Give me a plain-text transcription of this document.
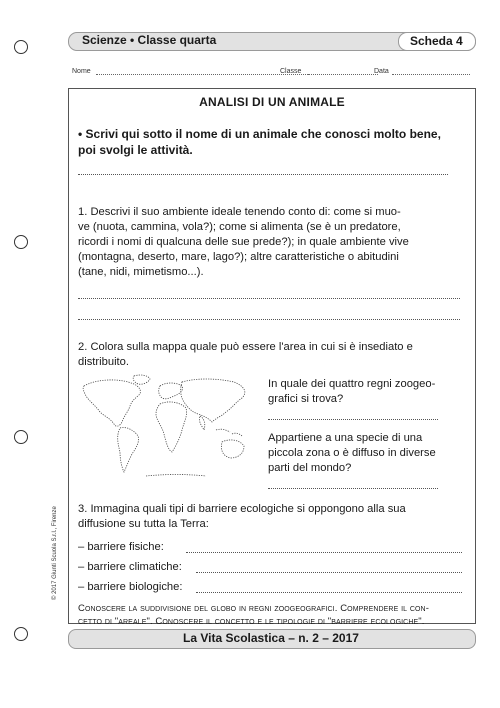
Scienze • Classe quarta	Scheda 4
Nome	Classe	Data
ANALISI DI UN ANIMALE
• Scrivi qui sotto il nome di un animale che conosci molto bene,
poi svolgi le attività.
1. Descrivi il suo ambiente ideale tenendo conto di: come si muo-
ve (nuota, cammina, vola?); come si alimenta (se è un predatore,
ricordi i nomi di qualcuna delle sue prede?); in quale ambiente vive
(montagna, deserto, mare, lago?); altre caratteristiche o abitudini
(tane, nidi, mimetismo...).
2. Colora sulla mappa quale può essere l'area in cui si è insediato e
distribuito.
In quale dei quattro regni zoogeo-
grafici si trova?
Appartiene a una specie di una
piccola zona o è diffuso in diverse
parti del mondo?
3. Immagina quali tipi di barriere ecologiche si oppongono alla sua
diffusione su tutta la Terra:
– barriere fisiche:
– barriere climatiche:
– barriere biologiche:
Conoscere la suddivisione del globo in regni zoogeografici. Comprendere il con-
cetto di "areale". Conoscere il concetto e le tipologie di "barriere ecologiche".
© 2017 Giunti Scuola S.r.l., Firenze
La Vita Scolastica – n. 2 – 2017
